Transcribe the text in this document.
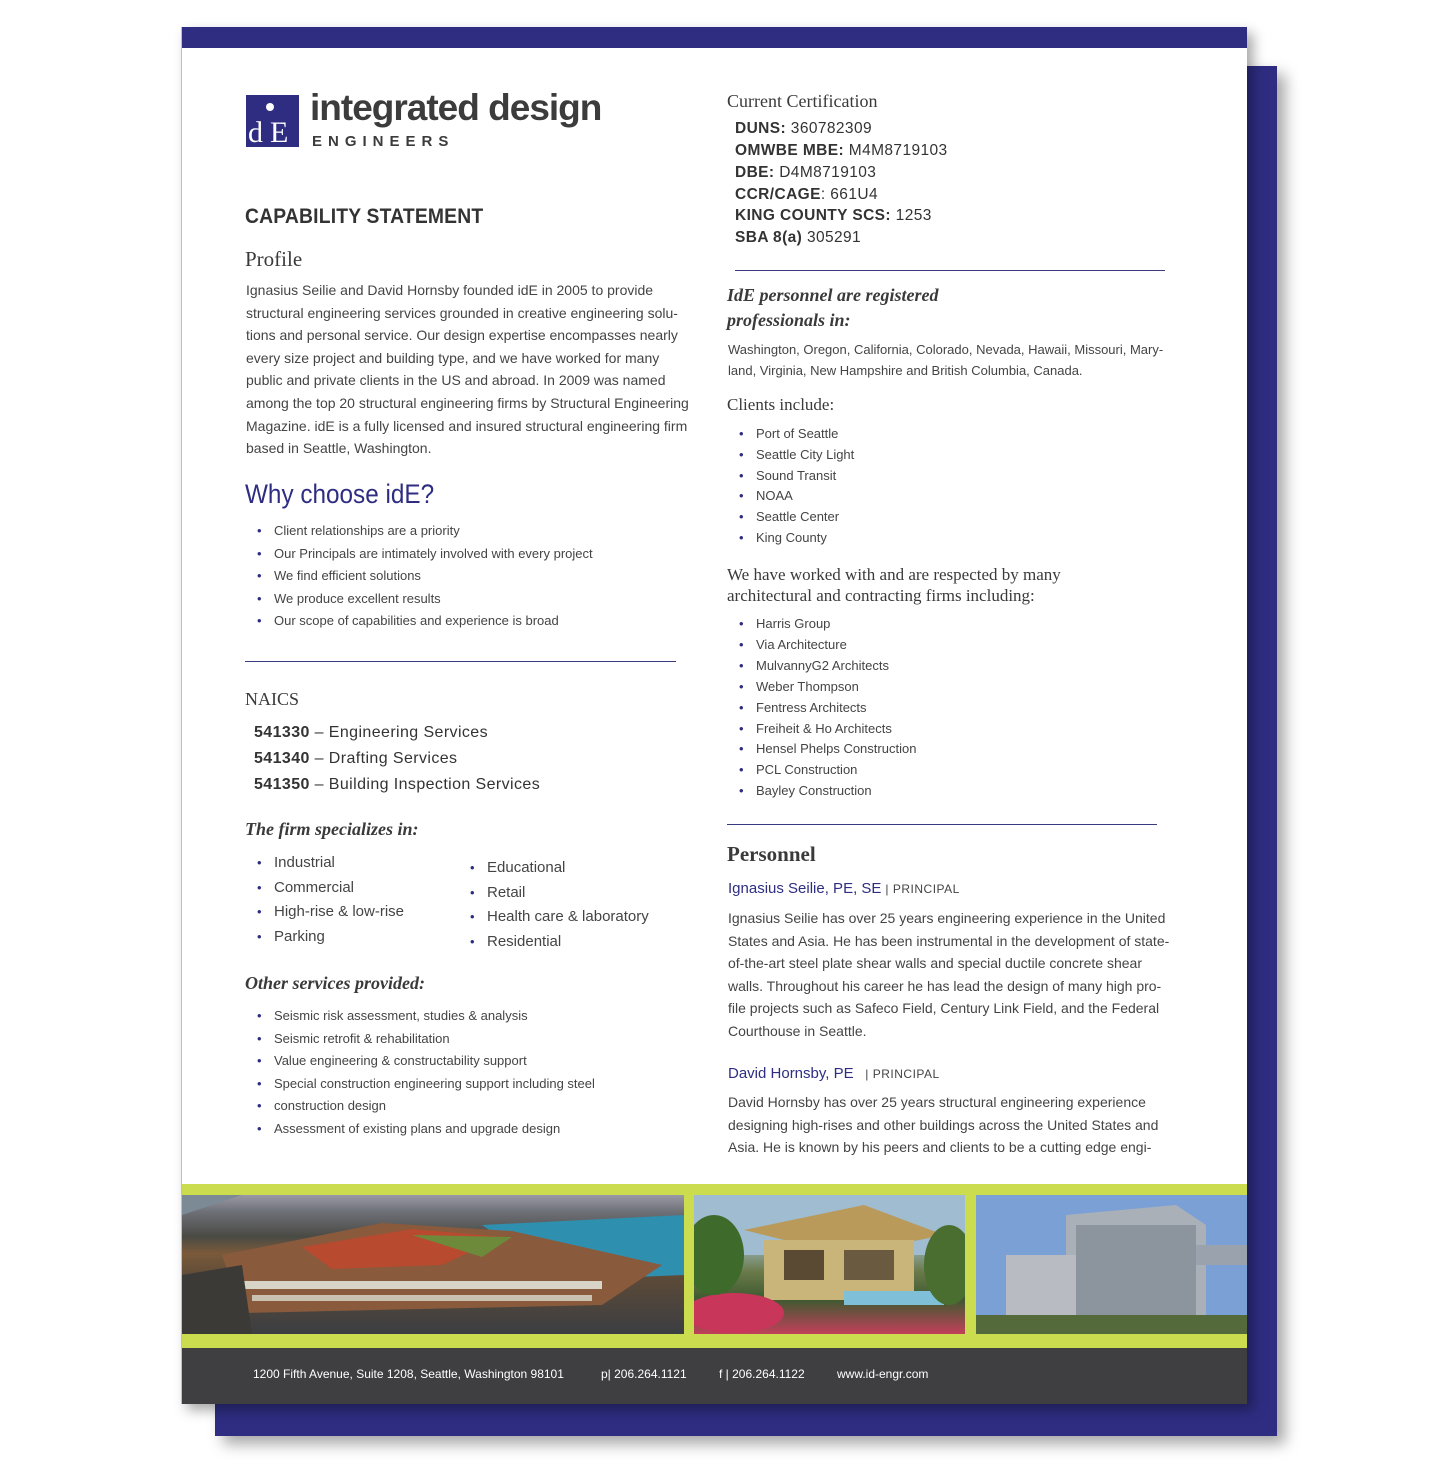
d E
integrated design
ENGINEERS
CAPABILITY STATEMENT
Profile
Ignasius Seilie and David Hornsby founded idE in 2005 to provide
structural engineering services grounded in creative engineering solu-
tions and personal service. Our design expertise encompasses nearly
every size project and building type, and we have worked for many
public and private clients in the US and abroad. In 2009 was named
among the top 20 structural engineering firms by Structural Engineering
Magazine. idE is a fully licensed and insured structural engineering firm
based in Seattle, Washington.
Why choose idE?
• Client relationships are a priority
• Our Principals are intimately involved with every project
• We find efficient solutions
• We produce excellent results
• Our scope of capabilities and experience is broad
NAICS
541330 – Engineering Services
541340 – Drafting Services
541350 – Building Inspection Services
The firm specializes in:
• Industrial
• Commercial
• High-rise & low-rise
• Parking
• Educational
• Retail
• Health care & laboratory
• Residential
Other services provided:
• Seismic risk assessment, studies & analysis
• Seismic retrofit & rehabilitation
• Value engineering & constructability support
• Special construction engineering support including steel
• construction design
• Assessment of existing plans and upgrade design
Current Certification
DUNS: 360782309
OMWBE MBE: M4M8719103
DBE: D4M8719103
CCR/CAGE: 661U4
KING COUNTY SCS: 1253
SBA 8(a) 305291
IdE personnel are registered
professionals in:
Washington, Oregon, California, Colorado, Nevada, Hawaii, Missouri, Mary-
land, Virginia, New Hampshire and British Columbia, Canada.
Clients include:
• Port of Seattle
• Seattle City Light
• Sound Transit
• NOAA
• Seattle Center
• King County
We have worked with and are respected by many
architectural and contracting firms including:
• Harris Group
• Via Architecture
• MulvannyG2 Architects
• Weber Thompson
• Fentress Architects
• Freiheit & Ho Architects
• Hensel Phelps Construction
• PCL Construction
• Bayley Construction
Personnel
Ignasius Seilie, PE, SE | PRINCIPAL
Ignasius Seilie has over 25 years engineering experience in the United
States and Asia. He has been instrumental in the development of state-
of-the-art steel plate shear walls and special ductile concrete shear
walls. Throughout his career he has lead the design of many high pro-
file projects such as Safeco Field, Century Link Field, and the Federal
Courthouse in Seattle.
David Hornsby, PE  | PRINCIPAL
David Hornsby has over 25 years structural engineering experience
designing high-rises and other buildings across the United States and
Asia. He is known by his peers and clients to be a cutting edge engi-
1200 Fifth Avenue, Suite 1208, Seattle, Washington 98101	p| 206.264.1121	f | 206.264.1122	www.id-engr.com
